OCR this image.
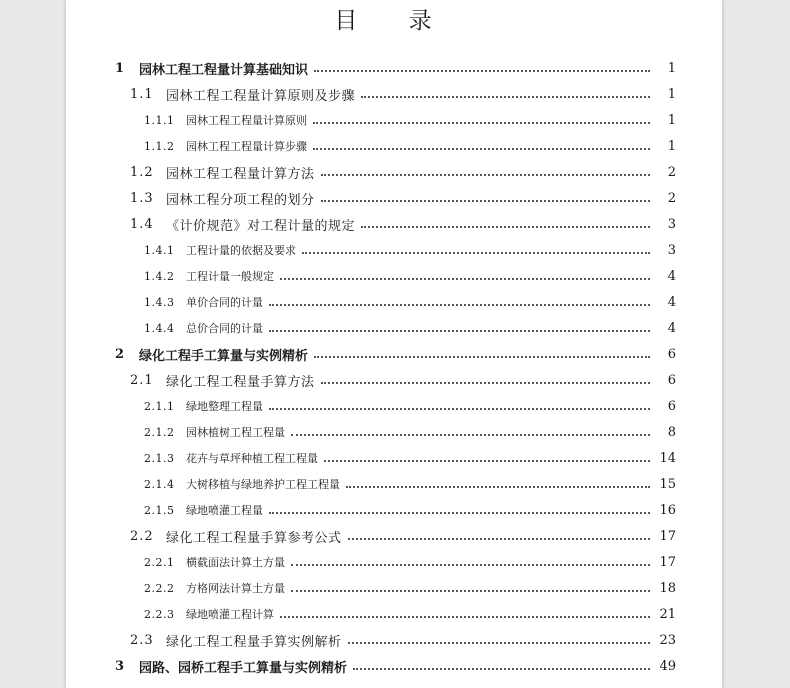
目 录
1	园林工程工程量计算基础知识	1
1.1 园林工程工程量计算原则及步骤	1
1.1.1	园林工程工程量计算原则	1
1.1.2	园林工程工程量计算步骤	1
1.2 园林工程工程量计算方法	2
1.3 园林工程分项工程的划分	2
1.4 《计价规范》对工程计量的规定	3
1.4.1	工程计量的依据及要求	3
1.4.2	工程计量一般规定	4
1.4.3	单价合同的计量	4
1.4.4	总价合同的计量	4
2	绿化工程手工算量与实例精析	6
2.1 绿化工程工程量手算方法	6
2.1.1	绿地整理工程量	6
2.1.2	园林植树工程工程量	8
2.1.3	花卉与草坪种植工程工程量	14
2.1.4	大树移植与绿地养护工程工程量	15
2.1.5	绿地喷灌工程量	16
2.2 绿化工程工程量手算参考公式	17
2.2.1	横截面法计算土方量	17
2.2.2	方格网法计算土方量	18
2.2.3	绿地喷灌工程计算	21
2.3 绿化工程工程量手算实例解析	23
3	园路、园桥工程手工算量与实例精析	49
